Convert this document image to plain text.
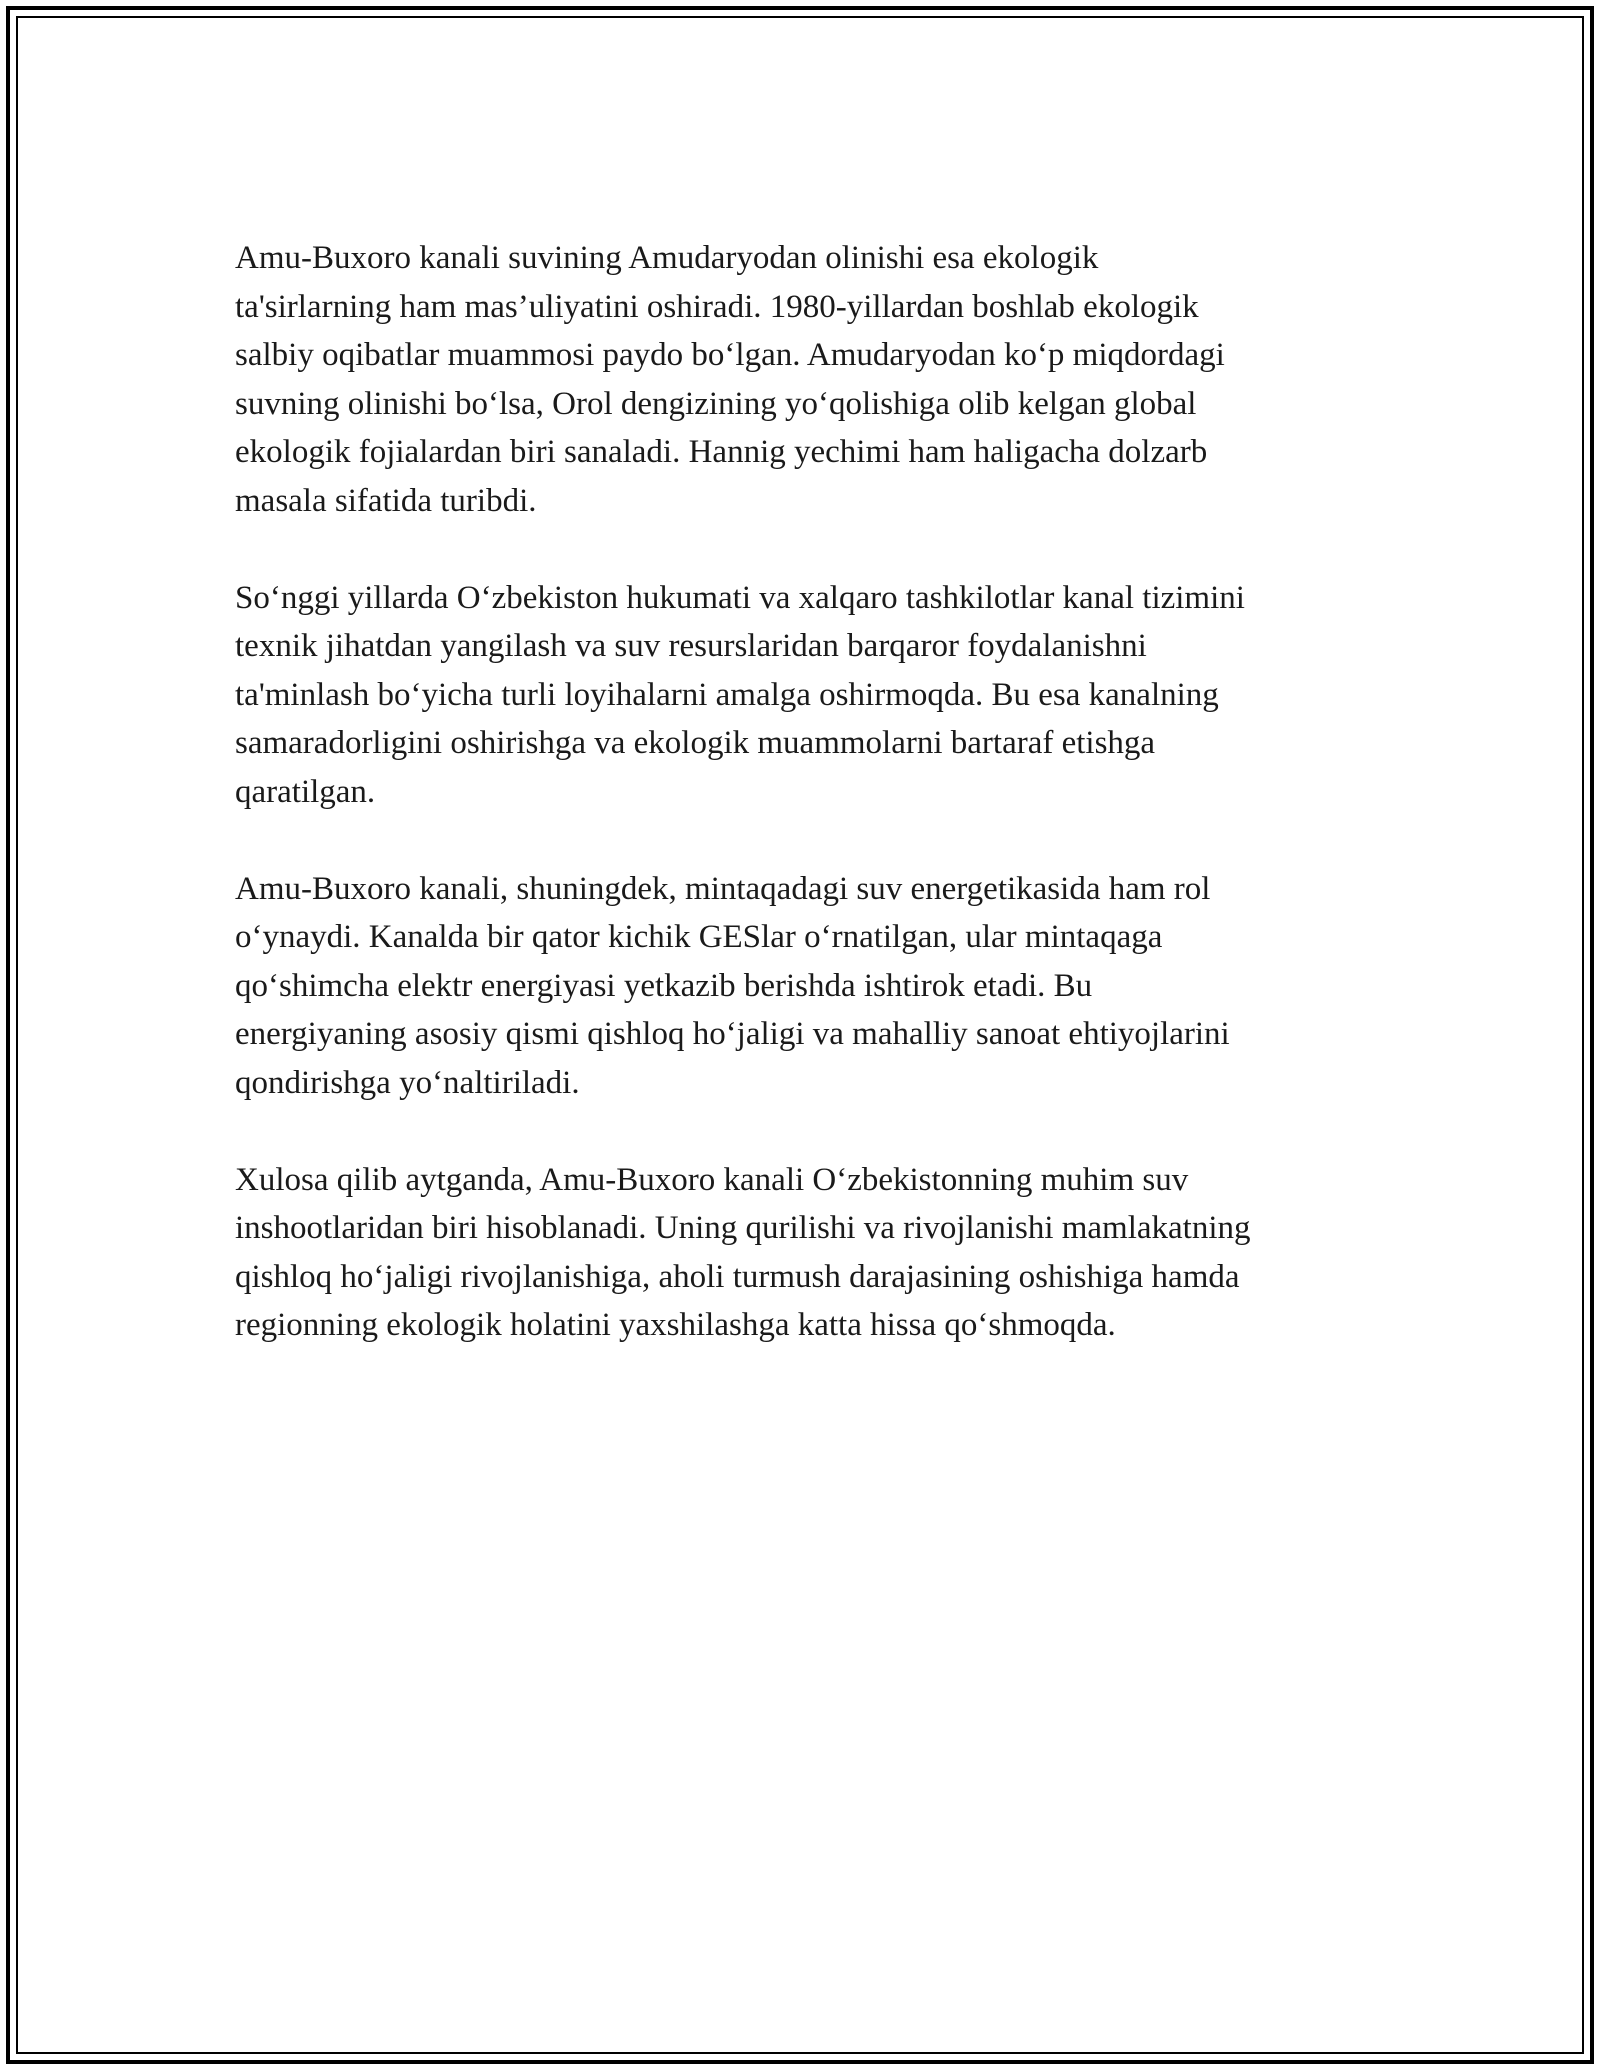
Amu-Buxoro kanali suvining Amudaryodan olinishi esa ekologik
ta'sirlarning ham mas’uliyatini oshiradi. 1980-yillardan boshlab ekologik
salbiy oqibatlar muammosi paydo bo‘lgan. Amudaryodan ko‘p miqdordagi
suvning olinishi bo‘lsa, Orol dengizining yo‘qolishiga olib kelgan global
ekologik fojialardan biri sanaladi. Hannig yechimi ham haligacha dolzarb
masala sifatida turibdi.

So‘nggi yillarda O‘zbekiston hukumati va xalqaro tashkilotlar kanal tizimini
texnik jihatdan yangilash va suv resurslaridan barqaror foydalanishni
ta'minlash bo‘yicha turli loyihalarni amalga oshirmoqda. Bu esa kanalning
samaradorligini oshirishga va ekologik muammolarni bartaraf etishga
qaratilgan.

Amu-Buxoro kanali, shuningdek, mintaqadagi suv energetikasida ham rol
o‘ynaydi. Kanalda bir qator kichik GESlar o‘rnatilgan, ular mintaqaga
qo‘shimcha elektr energiyasi yetkazib berishda ishtirok etadi. Bu
energiyaning asosiy qismi qishloq ho‘jaligi va mahalliy sanoat ehtiyojlarini
qondirishga yo‘naltiriladi.

Xulosa qilib aytganda, Amu-Buxoro kanali O‘zbekistonning muhim suv
inshootlaridan biri hisoblanadi. Uning qurilishi va rivojlanishi mamlakatning
qishloq ho‘jaligi rivojlanishiga, aholi turmush darajasining oshishiga hamda
regionning ekologik holatini yaxshilashga katta hissa qo‘shmoqda.
